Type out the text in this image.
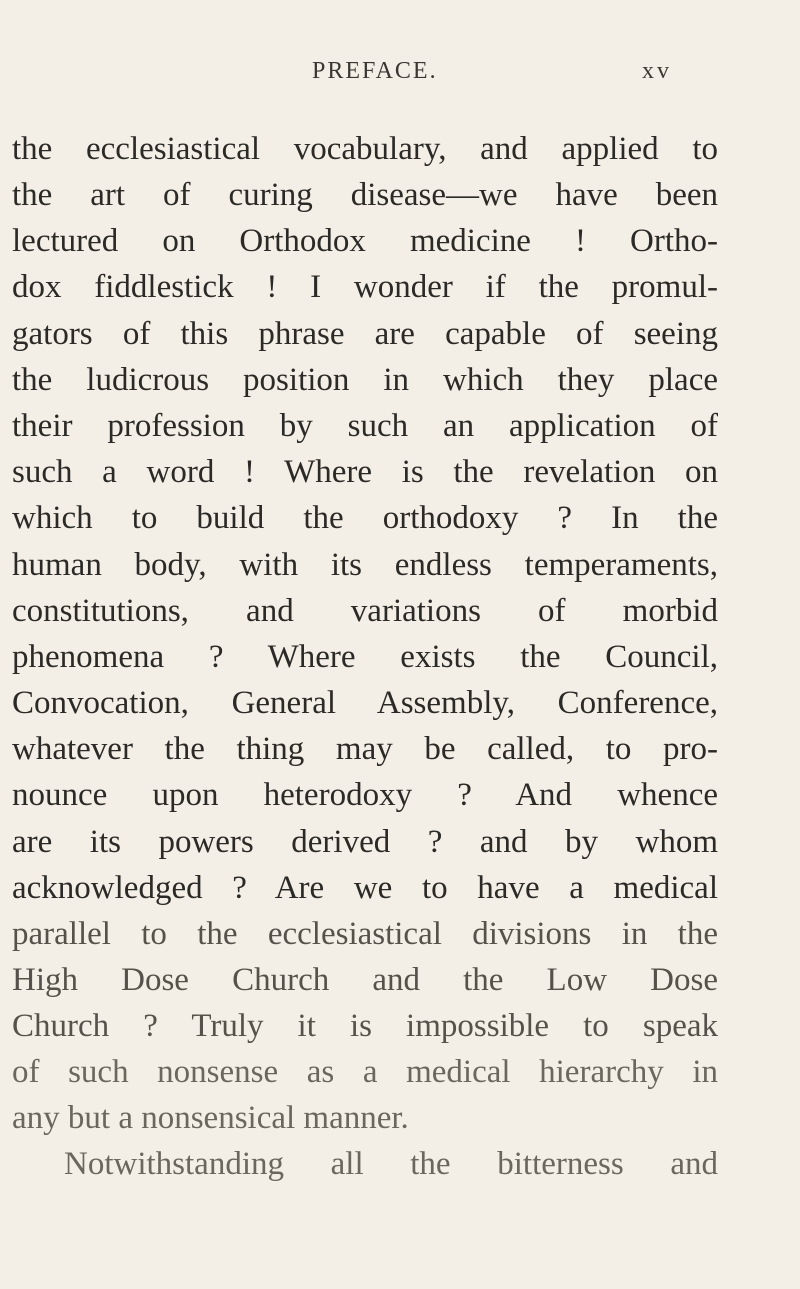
PREFACE.	xv
the ecclesiastical vocabulary, and applied to
the art of curing disease—we have been
lectured on Orthodox medicine ! Ortho-
dox fiddlestick ! I wonder if the promul-
gators of this phrase are capable of seeing
the ludicrous position in which they place
their profession by such an application of
such a word ! Where is the revelation on
which to build the orthodoxy ? In the
human body, with its endless temperaments,
constitutions, and variations of morbid
phenomena ? Where exists the Council,
Convocation, General Assembly, Conference,
whatever the thing may be called, to pro-
nounce upon heterodoxy ? And whence
are its powers derived ? and by whom
acknowledged ? Are we to have a medical
parallel to the ecclesiastical divisions in the
High Dose Church and the Low Dose
Church ? Truly it is impossible to speak
of such nonsense as a medical hierarchy in
any but a nonsensical manner.
Notwithstanding all the bitterness and
